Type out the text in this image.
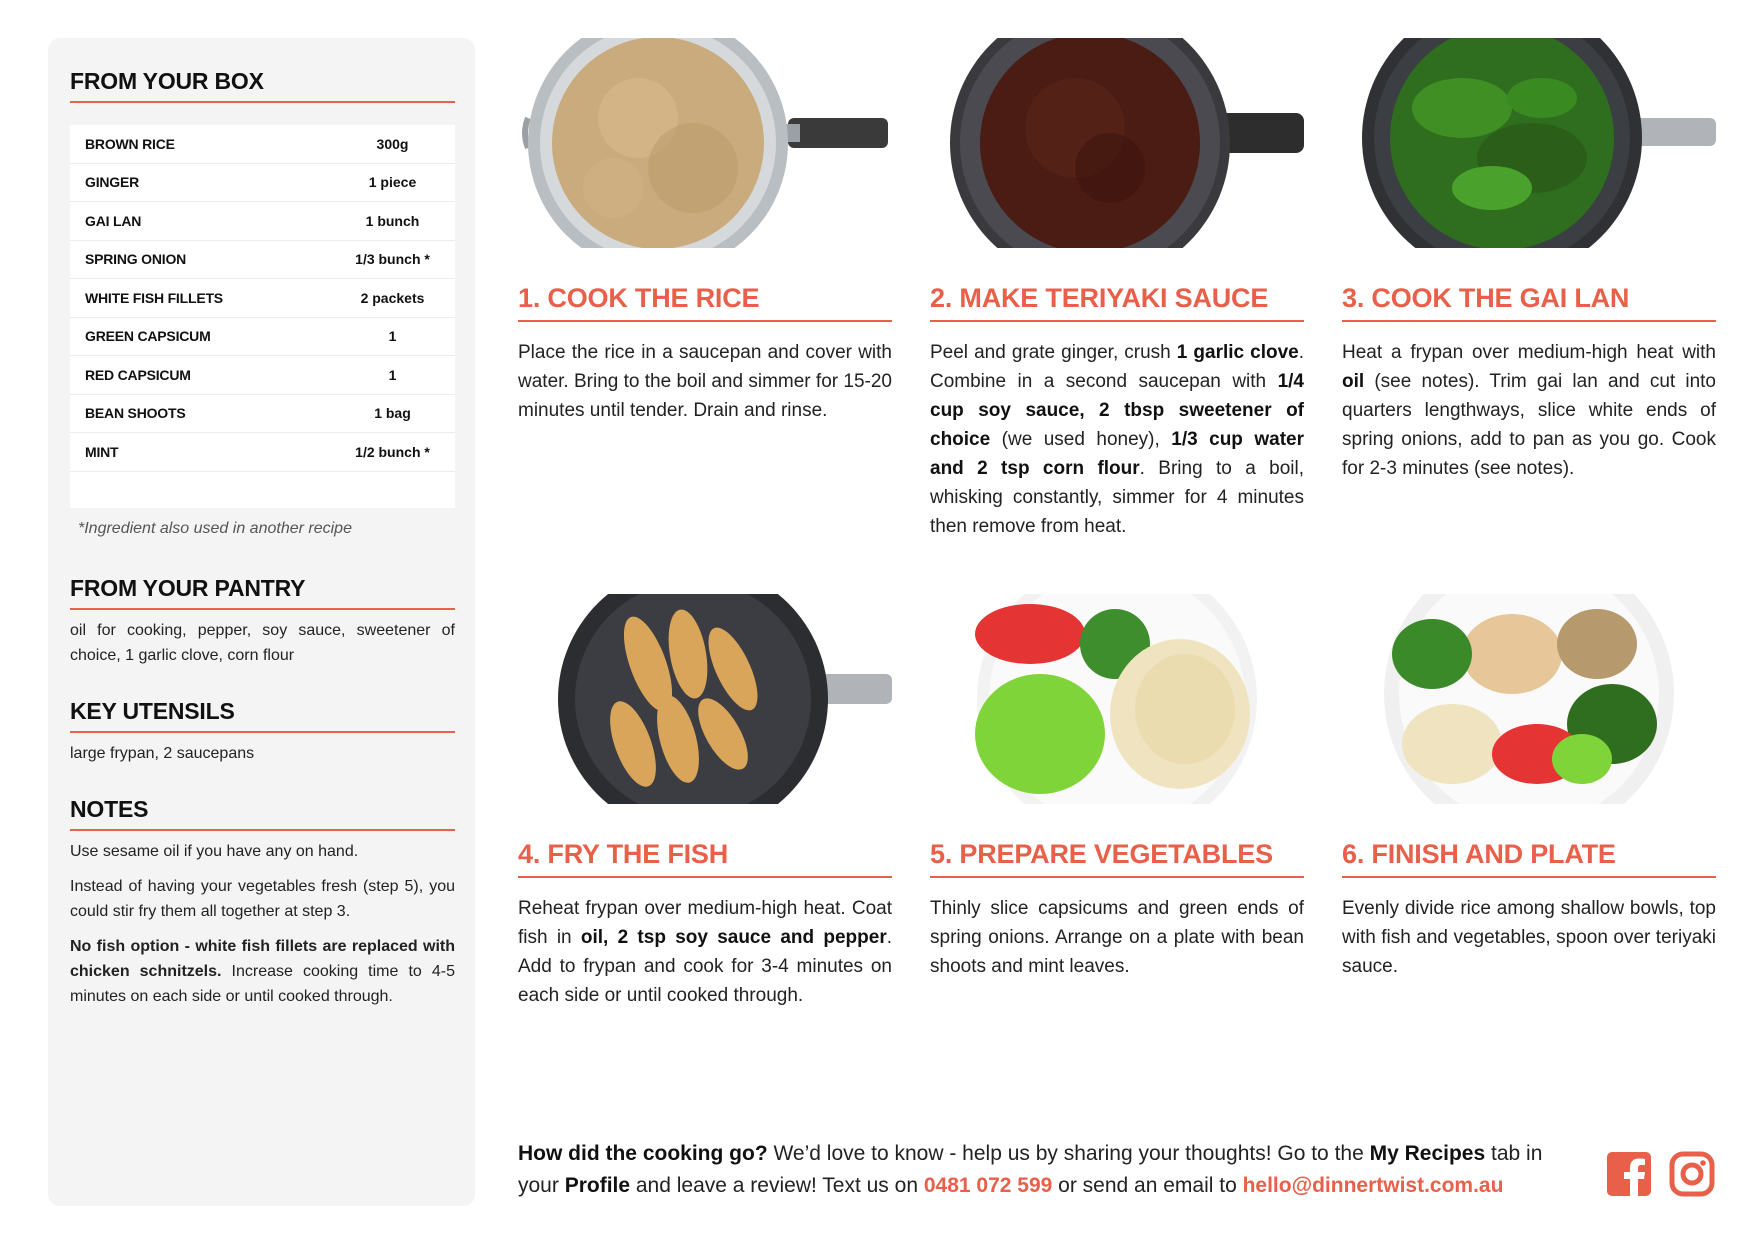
FROM YOUR BOX
BROWN RICE	300g
GINGER	1 piece
GAI LAN	1 bunch
SPRING ONION	1/3 bunch *
WHITE FISH FILLETS	2 packets
GREEN CAPSICUM	1
RED CAPSICUM	1
BEAN SHOOTS	1 bag
MINT	1/2 bunch *
*Ingredient also used in another recipe
FROM YOUR PANTRY
oil for cooking, pepper, soy sauce, sweetener of choice, 1 garlic clove, corn flour
KEY UTENSILS
large frypan, 2 saucepans
NOTES

Use sesame oil if you have any on hand.

Instead of having your vegetables fresh (step 5), you could stir fry them all together at step 3.

No fish option - white fish fillets are replaced with chicken schnitzels. Increase cooking time to 4-5 minutes on each side or until cooked through.

1. COOK THE RICE
Place the rice in a saucepan and cover with water. Bring to the boil and simmer for 15-20 minutes until tender. Drain and rinse.
2. MAKE TERIYAKI SAUCE
Peel and grate ginger, crush 1 garlic clove. Combine in a second saucepan with 1/4 cup soy sauce, 2 tbsp sweetener of choice (we used honey), 1/3 cup water and 2 tsp corn flour. Bring to a boil, whisking constantly, simmer for 4 minutes then remove from heat.
3. COOK THE GAI LAN
Heat a frypan over medium-high heat with oil (see notes). Trim gai lan and cut into quarters lengthways, slice white ends of spring onions, add to pan as you go. Cook for 2-3 minutes (see notes).
4. FRY THE FISH
Reheat frypan over medium-high heat. Coat fish in oil, 2 tsp soy sauce and pepper. Add to frypan and cook for 3-4 minutes on each side or until cooked through.
5. PREPARE VEGETABLES
Thinly slice capsicums and green ends of spring onions. Arrange on a plate with bean shoots and mint leaves.
6. FINISH AND PLATE
Evenly divide rice among shallow bowls, top with fish and vegetables, spoon over teriyaki sauce.
How did the cooking go? We’d love to know - help us by sharing your thoughts! Go to the My Recipes tab in your Profile and leave a review! Text us on 0481 072 599 or send an email to hello@dinnertwist.com.au
